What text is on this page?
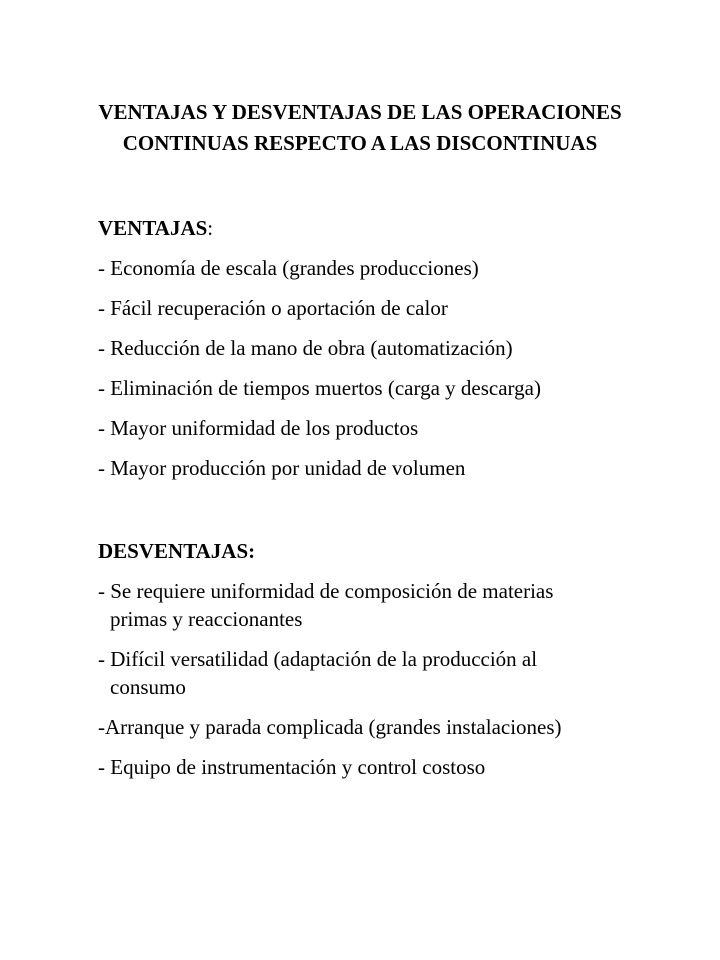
VENTAJAS Y DESVENTAJAS DE LAS OPERACIONES
CONTINUAS RESPECTO A LAS DISCONTINUAS
VENTAJAS:
- Economía de escala (grandes producciones)
- Fácil recuperación o aportación de calor
- Reducción de la mano de obra (automatización)
- Eliminación de tiempos muertos (carga y descarga)
- Mayor uniformidad de los productos
- Mayor producción por unidad de volumen
DESVENTAJAS:
- Se requiere uniformidad de composición de materias
primas y reaccionantes
- Difícil versatilidad (adaptación de la producción al
consumo
-Arranque y parada complicada (grandes instalaciones)
- Equipo de instrumentación y control costoso
